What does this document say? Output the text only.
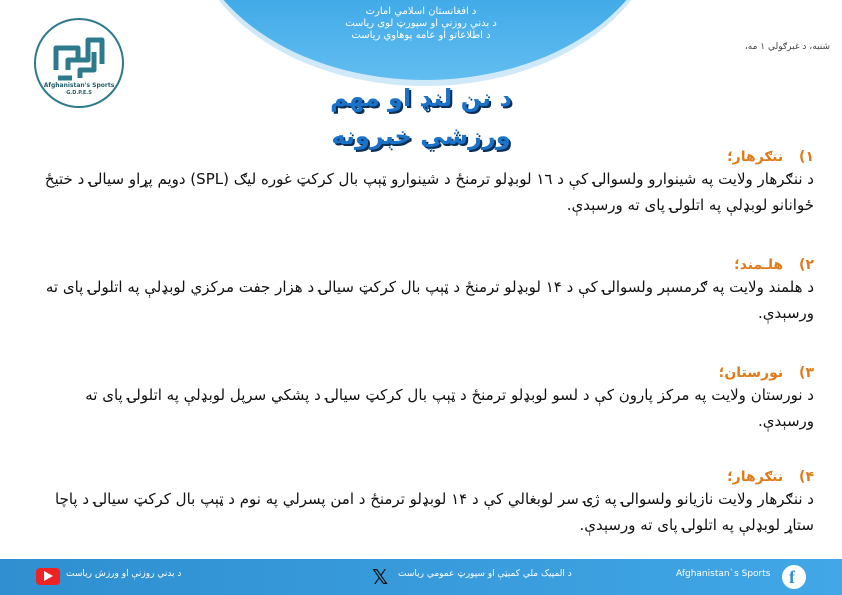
د افغانستان اسلامي امارت
د بدني روزنې او سپورټ لوی ریاست
د اطلاعاتو او عامه پوهاوي ریاست
Afghanistan's Sports
G.D.P.E.S
شنبه، د غبرګولي ۱ مه،
د نن لنډ او مهم
ورزشي خبرونه
۱) ننګرهار؛
د ننګرهار ولایت په شینوارو ولسوالۍ کې د ١٦ لوبډلو ترمنځ د شینوارو ټېپ بال کرکټ غوره لیګ (SPL) دویم پړاو سیالۍ د ختیځ ځوانانو لوبډلې په اتلولۍ پای ته ورسېدې.
۲) هلـمند؛
د هلمند ولایت په ګرمسېر ولسوالۍ کې د ۱۴ لوبډلو ترمنځ د ټېپ بال کرکټ سیالۍ د هزار جفت مرکزي لوبډلې په اتلولۍ پای ته ورسېدې.
۳) نورستان؛
د نورستان ولایت په مرکز پارون کې د لسو لوبډلو ترمنځ د ټېپ بال کرکټ سیالۍ د پشکي سرپل لوبډلې په اتلولۍ پای ته ورسېدې.
۴) ننګرهار؛
د ننګرهار ولایت نازیانو ولسوالۍ په ژۍ سر لوبغالي کې د ۱۴ لوبډلو ترمنځ د امن پسرلي په نوم د ټېپ بال کرکټ سیالۍ د پاچا ستاړ لوبډلې په اتلولۍ پای ته ورسېدې.
f
Afghanistan`s Sports
𝕏 د المپیک ملي کمېټې او سپورټ عمومي ریاست
د بدني روزنې او ورزش ریاست
